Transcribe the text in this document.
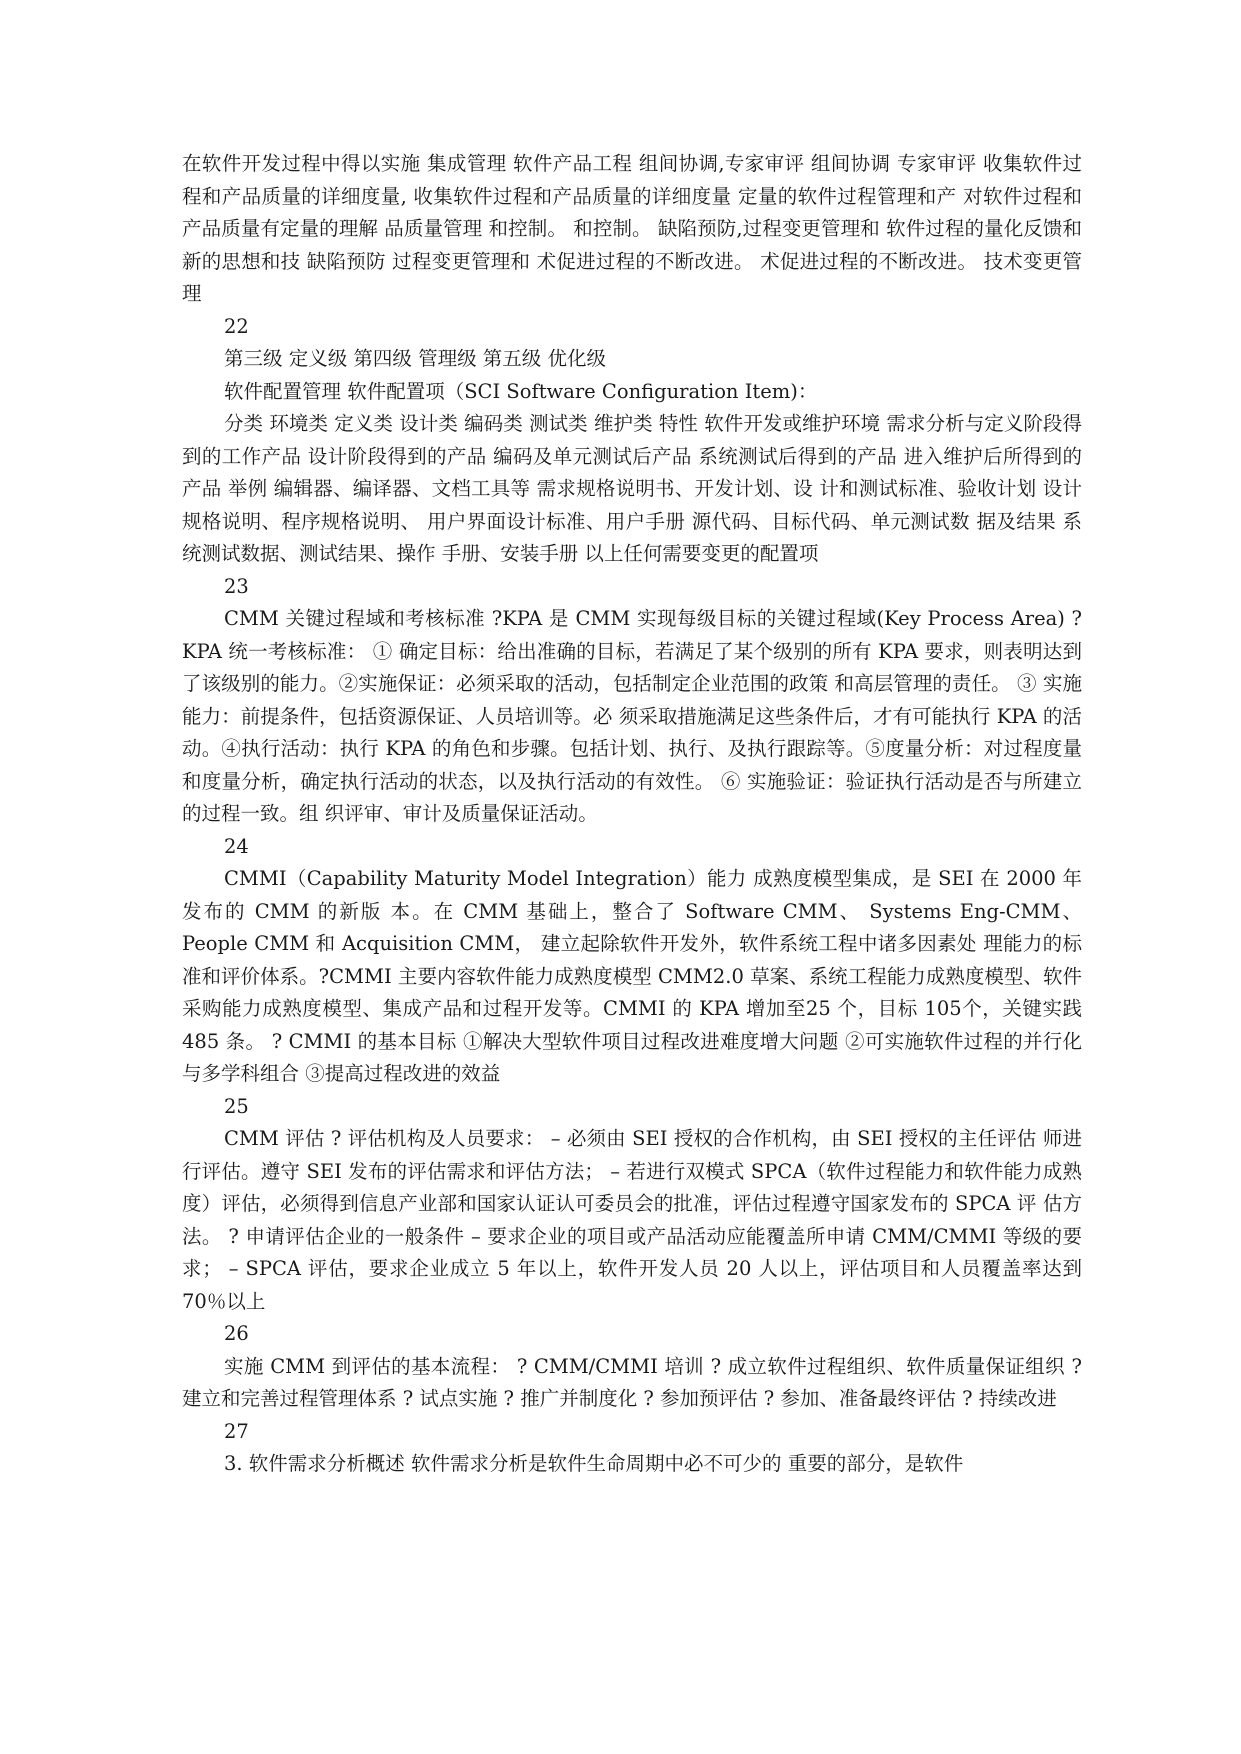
在软件开发过程中得以实施 集成管理 软件产品工程 组间协调,专家审评 组间协调 专家审评 收集软件过程和产品质量的详细度量, 收集软件过程和产品质量的详细度量 定量的软件过程管理和产 对软件过程和产品质量有定量的理解 品质量管理 和控制。 和控制。 缺陷预防,过程变更管理和 软件过程的量化反馈和新的思想和技 缺陷预防 过程变更管理和 术促进过程的不断改进。 术促进过程的不断改进。 技术变更管理

22

第三级 定义级 第四级 管理级 第五级 优化级

软件配置管理 软件配置项（SCI Software Configuration Item)：

分类 环境类 定义类 设计类 编码类 测试类 维护类 特性 软件开发或维护环境 需求分析与定义阶段得到的工作产品 设计阶段得到的产品 编码及单元测试后产品 系统测试后得到的产品 进入维护后所得到的产品 举例 编辑器、编译器、文档工具等 需求规格说明书、开发计划、设 计和测试标准、验收计划 设计规格说明、程序规格说明、 用户界面设计标准、用户手册 源代码、目标代码、单元测试数 据及结果 系统测试数据、测试结果、操作 手册、安装手册 以上任何需要变更的配置项

23

CMM 关键过程域和考核标准 ?KPA 是 CMM 实现每级目标的关键过程域(Key Process Area) ?KPA 统一考核标准： ① 确定目标：给出准确的目标，若满足了某个级别的所有 KPA 要求，则表明达到了该级别的能力。②实施保证：必须采取的活动，包括制定企业范围的政策 和高层管理的责任。 ③ 实施能力：前提条件，包括资源保证、人员培训等。必 须采取措施满足这些条件后，才有可能执行 KPA 的活动。④执行活动：执行 KPA 的角色和步骤。包括计划、执行、及执行跟踪等。⑤度量分析：对过程度量和度量分析，确定执行活动的状态，以及执行活动的有效性。 ⑥ 实施验证：验证执行活动是否与所建立的过程一致。组 织评审、审计及质量保证活动。

24

CMMI（Capability Maturity Model Integration）能力 成熟度模型集成，是 SEI 在 2000 年发布的 CMM 的新版 本。在 CMM 基础上，整合了 Software CMM、 Systems Eng-CMM、People CMM 和 Acquisition CMM， 建立起除软件开发外，软件系统工程中诸多因素处 理能力的标准和评价体系。?CMMI 主要内容软件能力成熟度模型 CMM2.0 草案、系统工程能力成熟度模型、软件采购能力成熟度模型、集成产品和过程开发等。CMMI 的 KPA 增加至25 个，目标 105个，关键实践 485 条。 ? CMMI 的基本目标 ①解决大型软件项目过程改进难度增大问题 ②可实施软件过程的并行化与多学科组合 ③提高过程改进的效益

25

CMM 评估 ? 评估机构及人员要求： – 必须由 SEI 授权的合作机构，由 SEI 授权的主任评估 师进行评估。遵守 SEI 发布的评估需求和评估方法； – 若进行双模式 SPCA（软件过程能力和软件能力成熟度）评估，必须得到信息产业部和国家认证认可委员会的批准，评估过程遵守国家发布的 SPCA 评 估方法。 ? 申请评估企业的一般条件 – 要求企业的项目或产品活动应能覆盖所申请 CMM/CMMI 等级的要求； – SPCA 评估，要求企业成立 5 年以上，软件开发人员 20 人以上，评估项目和人员覆盖率达到 70％以上

26

实施 CMM 到评估的基本流程： ? CMM/CMMI 培训 ? 成立软件过程组织、软件质量保证组织 ? 建立和完善过程管理体系 ? 试点实施 ? 推广并制度化 ? 参加预评估 ? 参加、准备最终评估 ? 持续改进

27

3. 软件需求分析概述 软件需求分析是软件生命周期中必不可少的 重要的部分，是软件
